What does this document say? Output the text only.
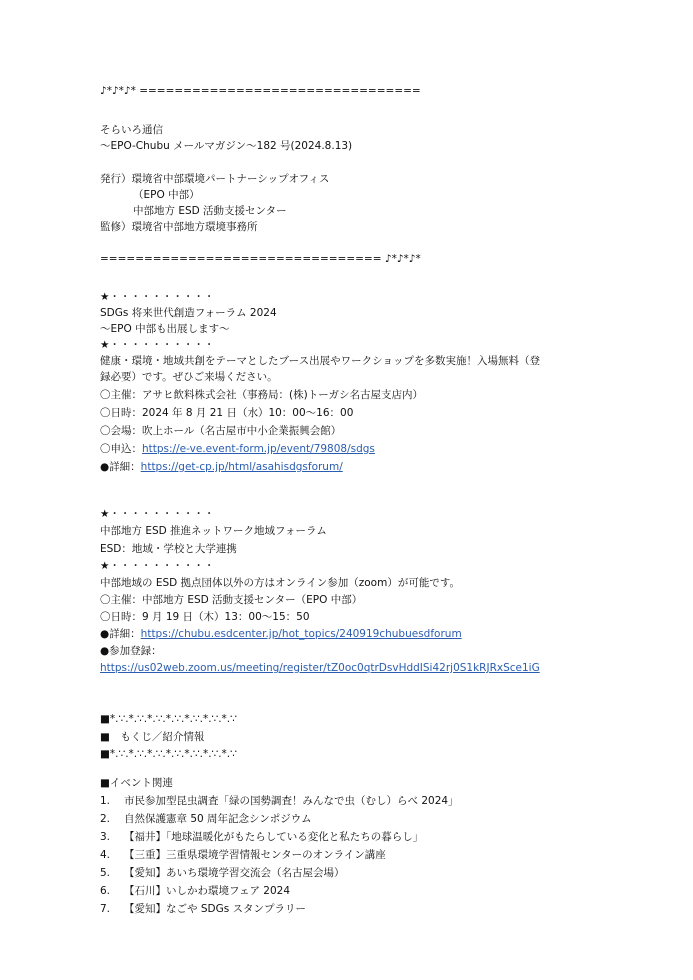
♪*♪*♪* ================================
そらいろ通信
～EPO-Chubu メールマガジン～182 号(2024.8.13)
発行）環境省中部環境パートナーシップオフィス
（EPO 中部）
中部地方 ESD 活動支援センター
監修）環境省中部地方環境事務所
================================ ♪*♪*♪*
★・・・・・・・・・・
SDGs 将来世代創造フォーラム 2024
～EPO 中部も出展します～
★・・・・・・・・・・
健康・環境・地域共創をテーマとしたブース出展やワークショップを多数実施！入場無料（登
録必要）です。ぜひご来場ください。
〇主催：アサヒ飲料株式会社（事務局：(株)トーガシ名古屋支店内）
〇日時：2024 年 8 月 21 日（水）10：00～16：00
〇会場：吹上ホール（名古屋市中小企業振興会館）
〇申込：https://e-ve.event-form.jp/event/79808/sdgs
●詳細：https://get-cp.jp/html/asahisdgsforum/
★・・・・・・・・・・
中部地方 ESD 推進ネットワーク地域フォーラム
ESD：地域・学校と大学連携
★・・・・・・・・・・
中部地域の ESD 拠点団体以外の方はオンライン参加（zoom）が可能です。
〇主催：中部地方 ESD 活動支援センター（EPO 中部）
〇日時：9 月 19 日（木）13：00～15：50
●詳細：https://chubu.esdcenter.jp/hot_topics/240919chubuesdforum
●参加登録：
https://us02web.zoom.us/meeting/register/tZ0oc0qtrDsvHddISi42rj0S1kRJRxSce1iG
■*.∵.*.∵.*.∵.*.∵.*.∵.*.∵.*.∵
■　もくじ／紹介情報
■*.∵.*.∵.*.∵.*.∵.*.∵.*.∵.*.∵
■イベント関連
1. 市民参加型昆虫調査「緑の国勢調査！みんなで虫（むし）らべ 2024」
2. 自然保護憲章 50 周年記念シンポジウム
3. 【福井】「地球温暖化がもたらしている変化と私たちの暮らし」
4. 【三重】三重県環境学習情報センターのオンライン講座
5. 【愛知】あいち環境学習交流会（名古屋会場）
6. 【石川】いしかわ環境フェア 2024
7. 【愛知】なごや SDGs スタンプラリー
